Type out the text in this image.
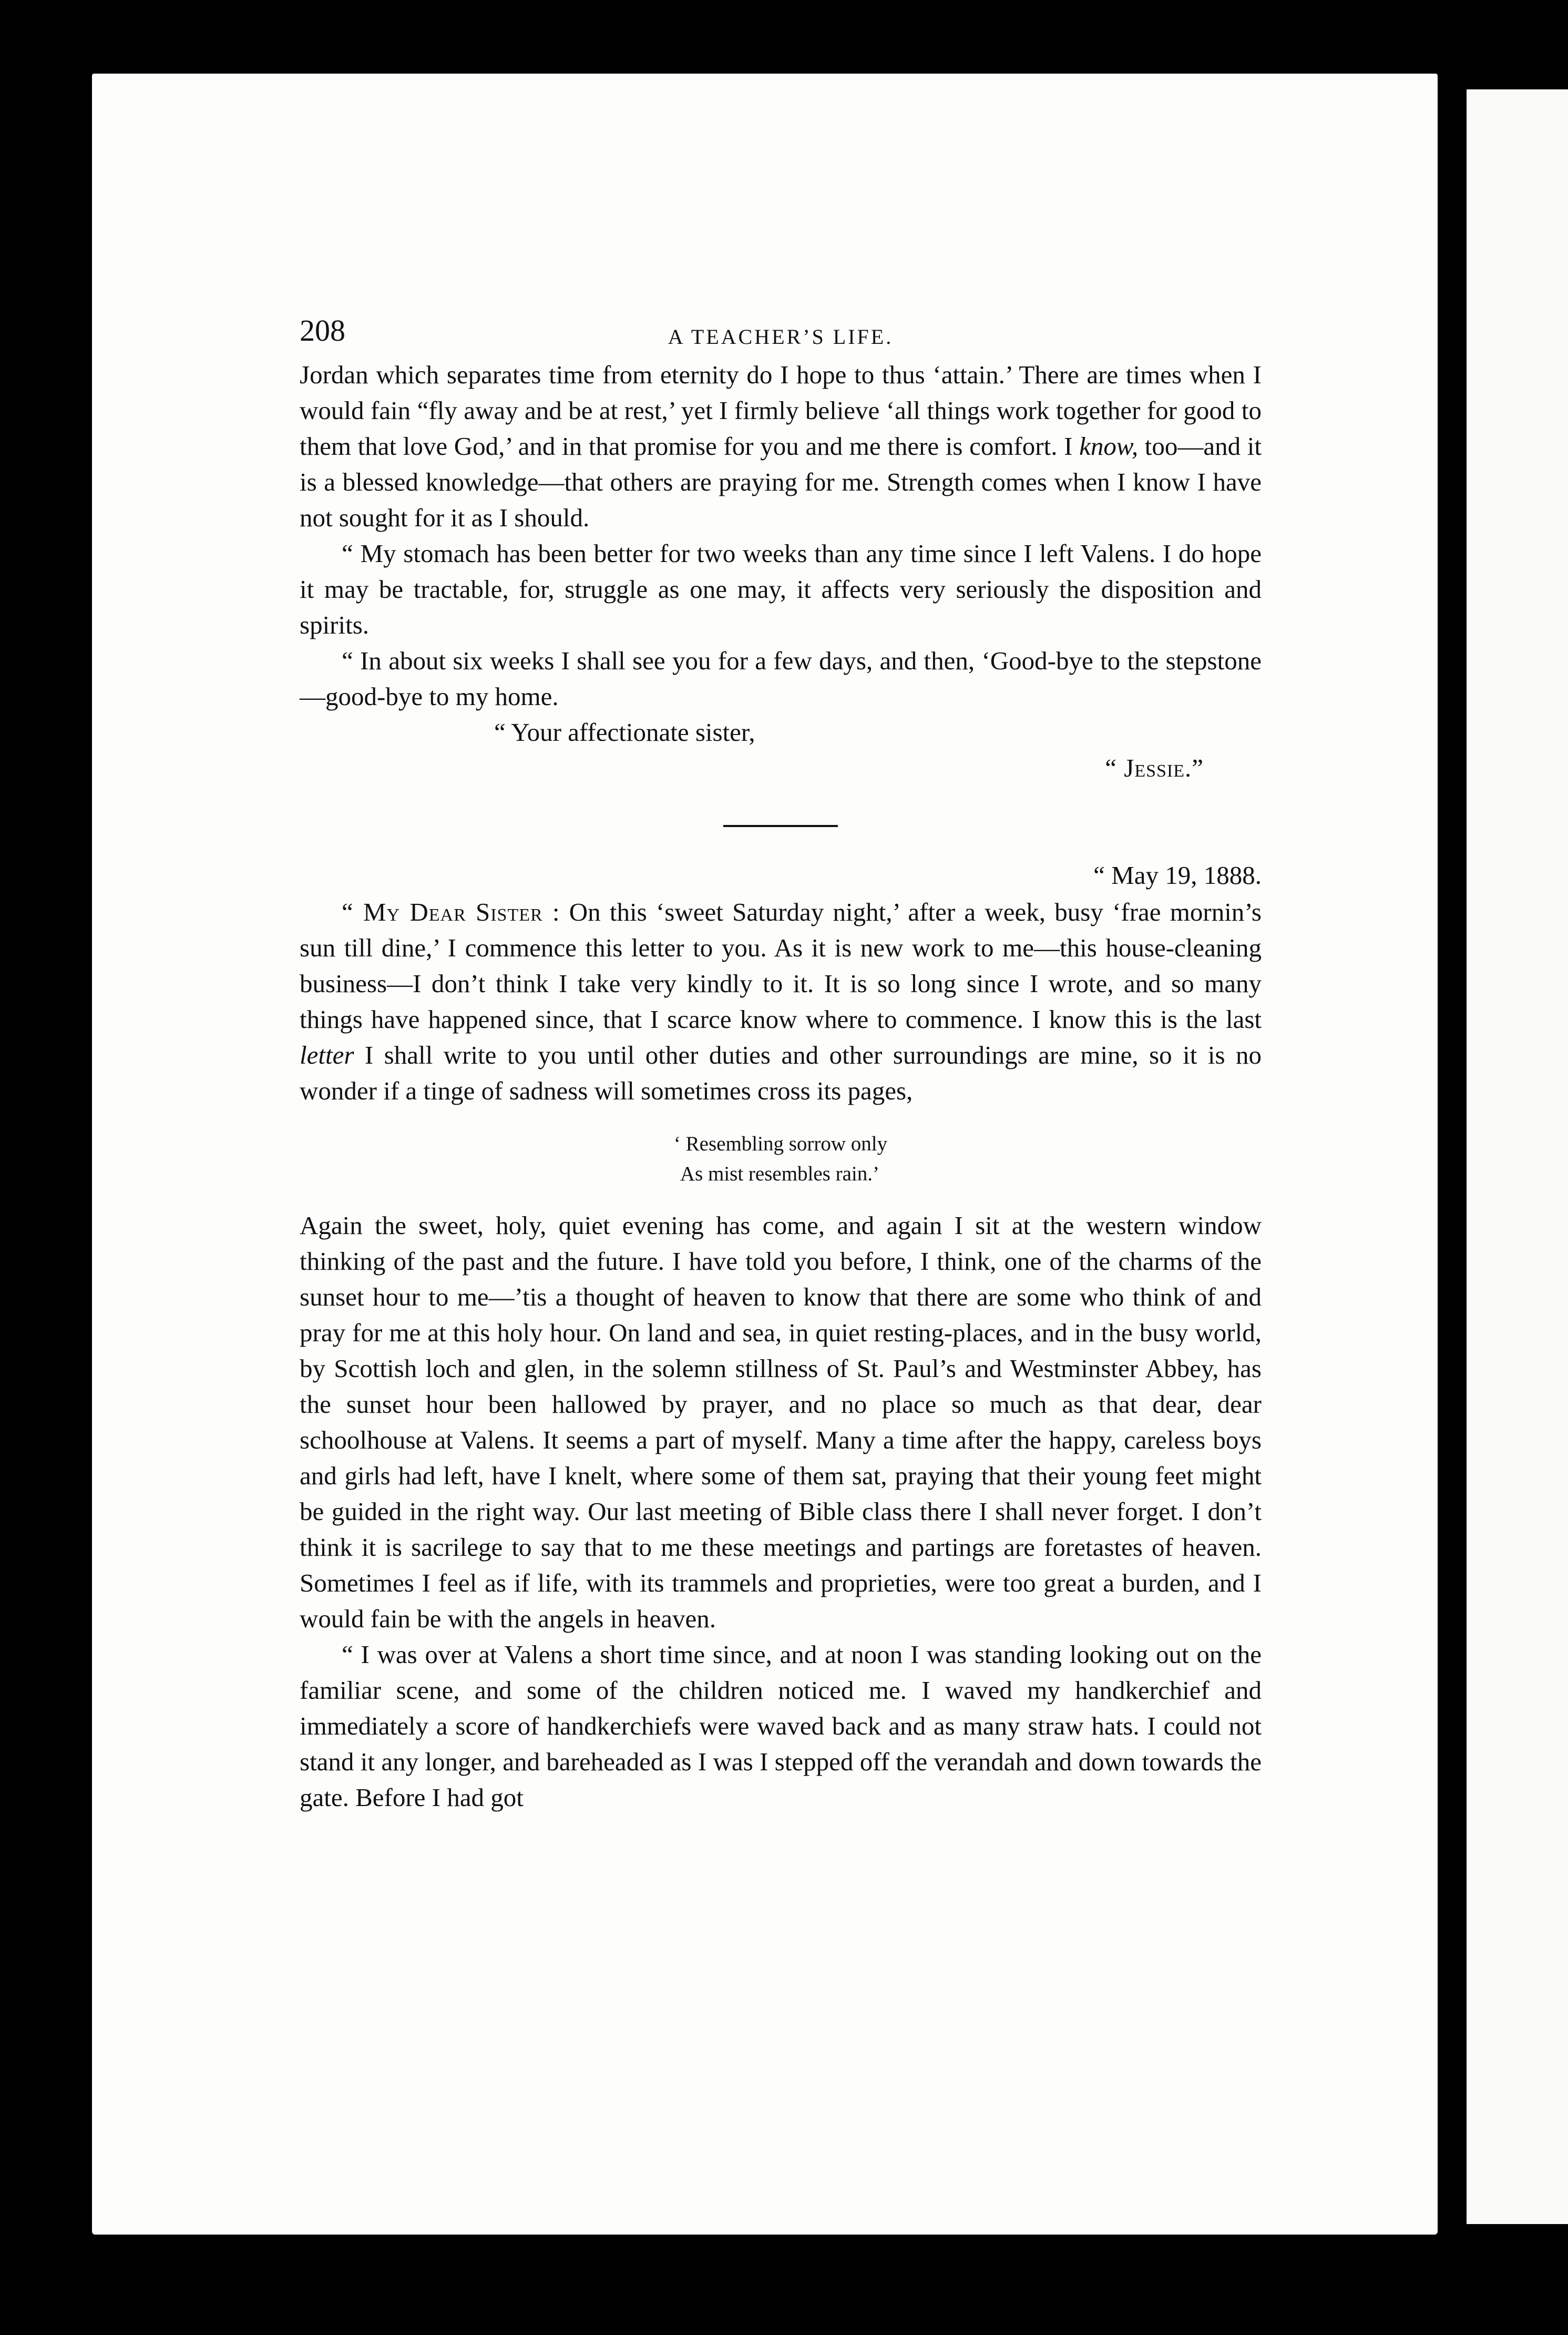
208	A TEACHER’S LIFE.

Jordan which separates time from eternity do I hope to thus ‘attain.’ There are times when I would fain “fly away and be at rest,’ yet I firmly believe ‘all things work together for good to them that love God,’ and in that promise for you and me there is comfort. I know, too—and it is a blessed knowledge—that others are praying for me. Strength comes when I know I have not sought for it as I should.

“ My stomach has been better for two weeks than any time since I left Valens. I do hope it may be tractable, for, struggle as one may, it affects very seriously the disposition and spirits.

“ In about six weeks I shall see you for a few days, and then, ‘Good-bye to the stepstone—good-bye to my home.

“ Your affectionate sister,

“ Jessie.”

“ May 19, 1888.

“ My Dear Sister : On this ‘sweet Saturday night,’ after a week, busy ‘frae mornin’s sun till dine,’ I commence this letter to you. As it is new work to me—this house-cleaning business—I don’t think I take very kindly to it. It is so long since I wrote, and so many things have happened since, that I scarce know where to commence. I know this is the last letter I shall write to you until other duties and other surroundings are mine, so it is no wonder if a tinge of sadness will sometimes cross its pages,

‘ Resembling sorrow only
As mist resembles rain.’

Again the sweet, holy, quiet evening has come, and again I sit at the western window thinking of the past and the future. I have told you before, I think, one of the charms of the sunset hour to me—’tis a thought of heaven to know that there are some who think of and pray for me at this holy hour. On land and sea, in quiet resting-places, and in the busy world, by Scottish loch and glen, in the solemn stillness of St. Paul’s and Westminster Abbey, has the sunset hour been hallowed by prayer, and no place so much as that dear, dear schoolhouse at Valens. It seems a part of myself. Many a time after the happy, careless boys and girls had left, have I knelt, where some of them sat, praying that their young feet might be guided in the right way. Our last meeting of Bible class there I shall never forget. I don’t think it is sacrilege to say that to me these meetings and partings are foretastes of heaven. Sometimes I feel as if life, with its trammels and proprieties, were too great a burden, and I would fain be with the angels in heaven.

“ I was over at Valens a short time since, and at noon I was standing looking out on the familiar scene, and some of the children noticed me. I waved my handkerchief and immediately a score of handkerchiefs were waved back and as many straw hats. I could not stand it any longer, and bareheaded as I was I stepped off the verandah and down towards the gate. Before I had got
